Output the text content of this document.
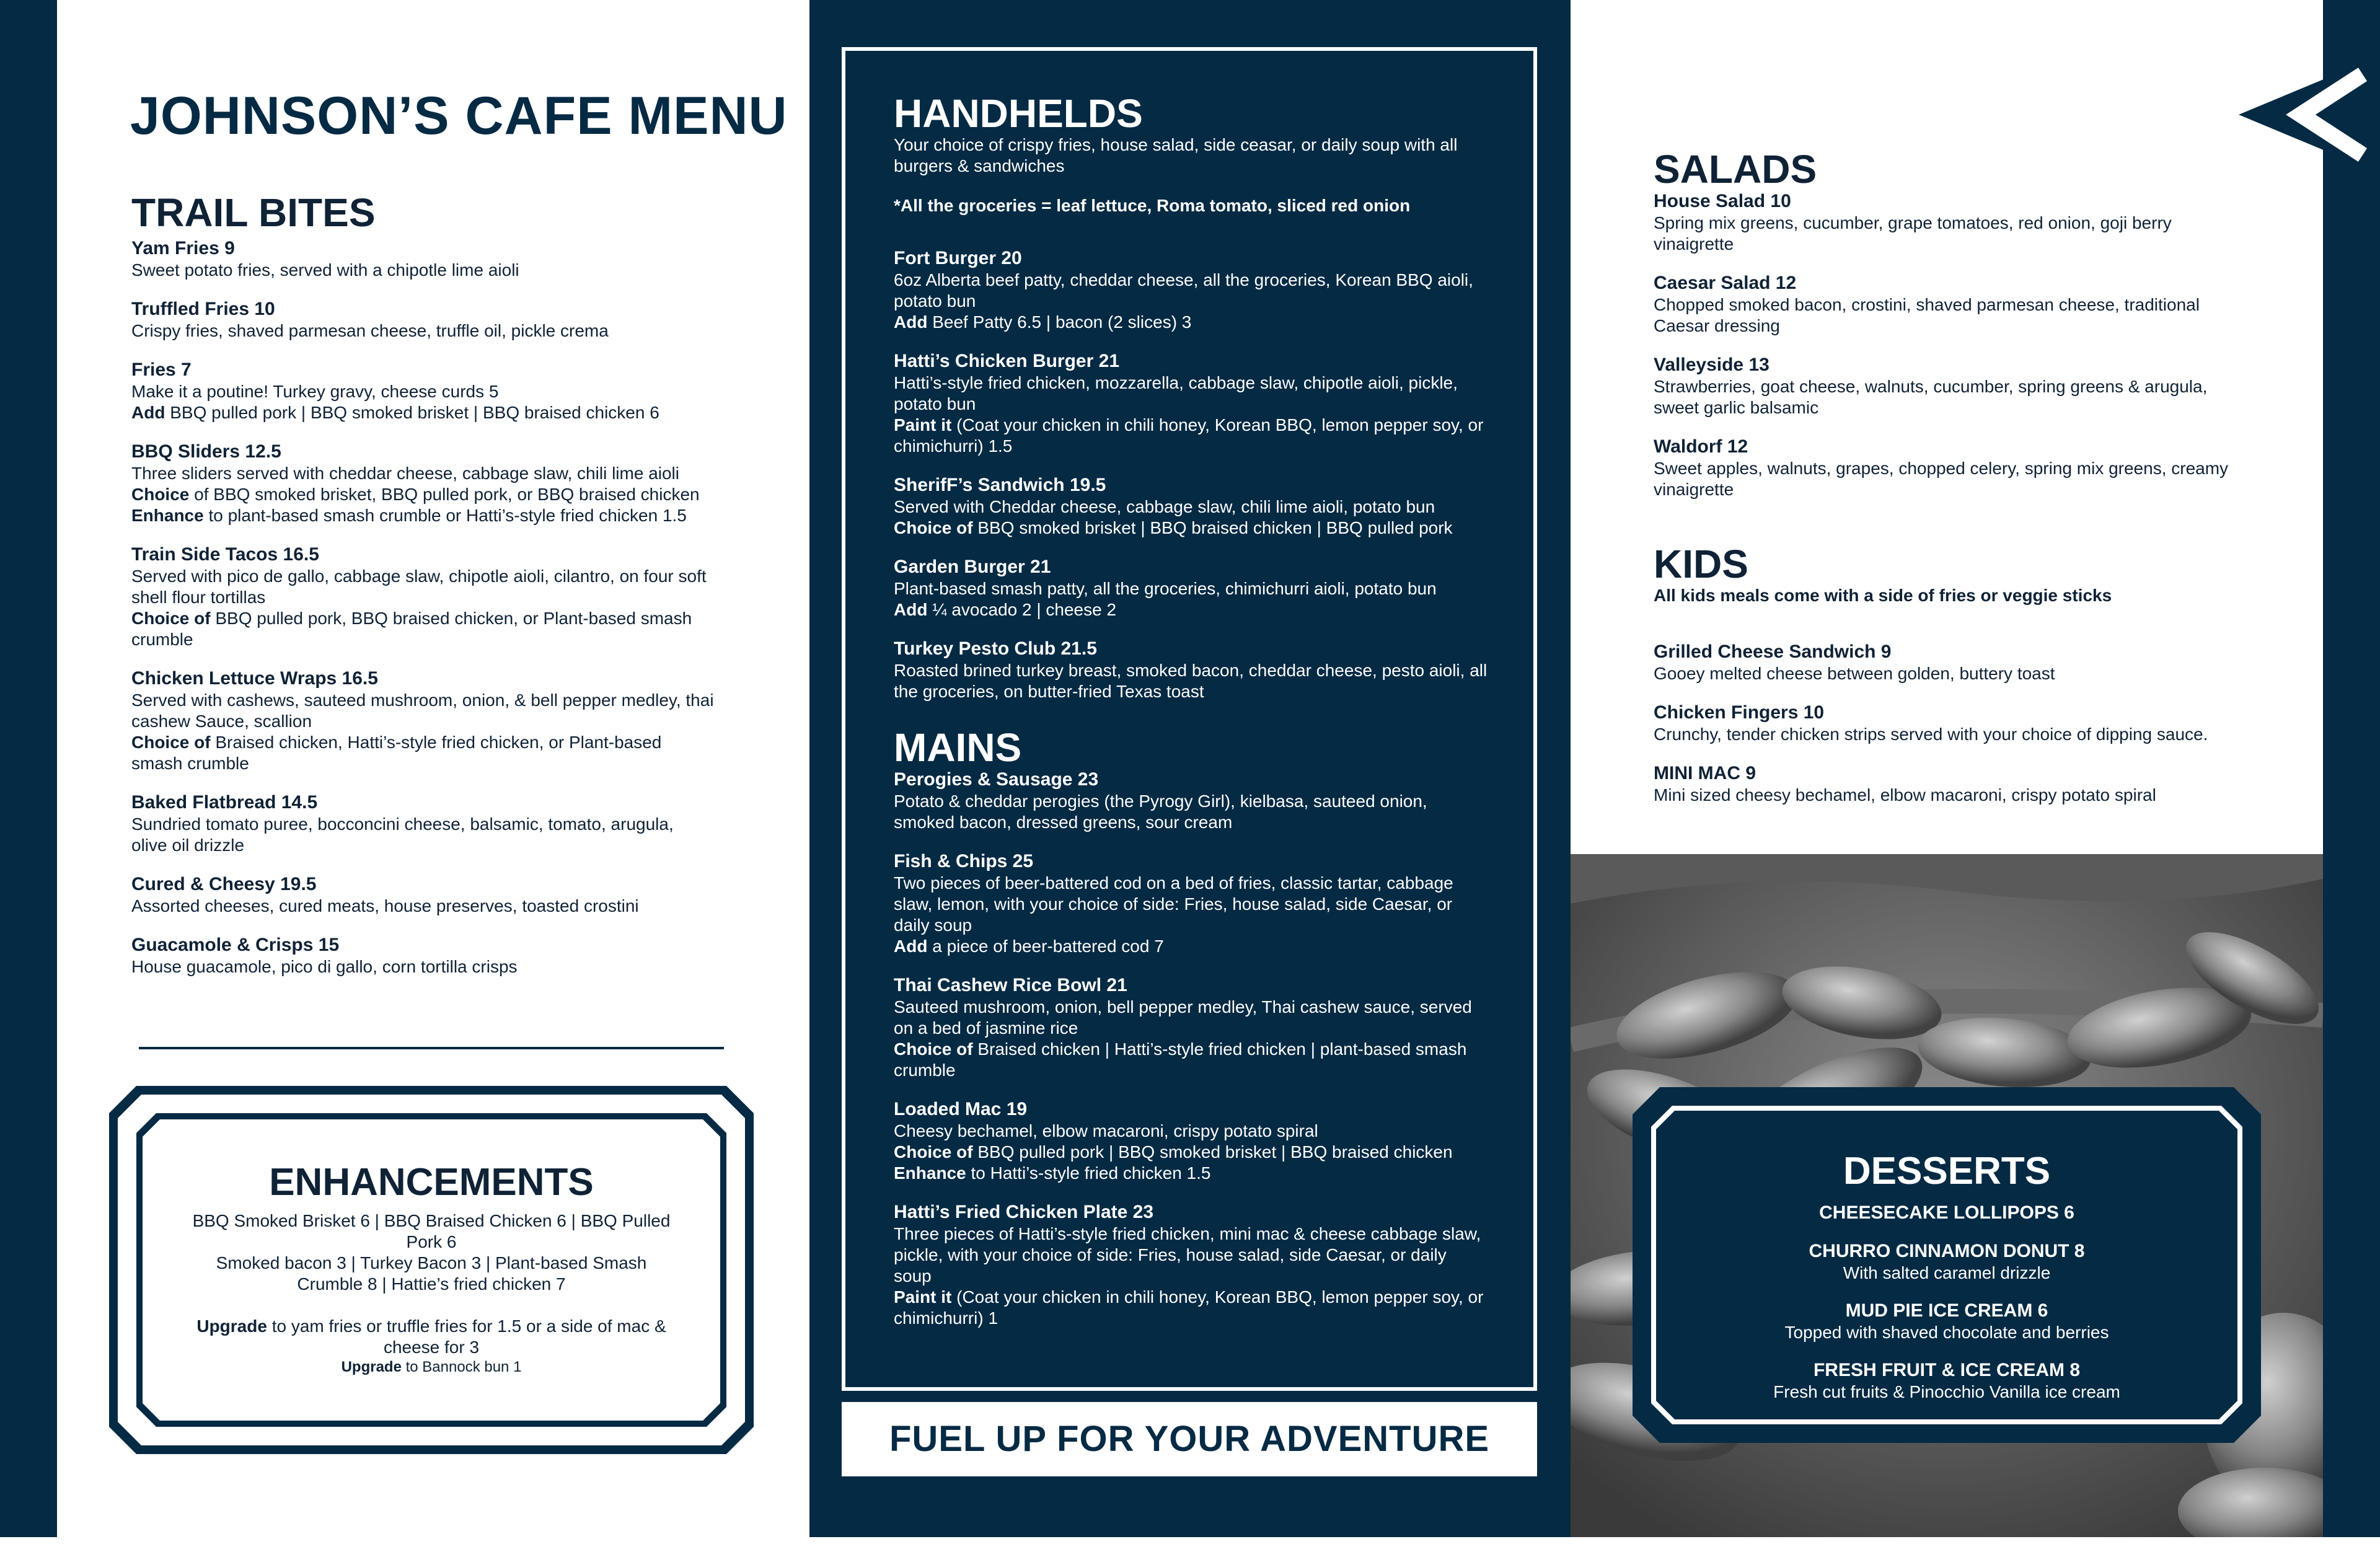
JOHNSON’S CAFE MENU
TRAIL BITES
Yam Fries 9
Sweet potato fries, served with a chipotle lime aioli
Truffled Fries 10
Crispy fries, shaved parmesan cheese, truffle oil, pickle crema
Fries 7
Make it a poutine! Turkey gravy, cheese curds 5
Add BBQ pulled pork | BBQ smoked brisket | BBQ braised chicken 6
BBQ Sliders 12.5
Three sliders served with cheddar cheese, cabbage slaw, chili lime aioli
Choice of BBQ smoked brisket, BBQ pulled pork, or BBQ braised chicken
Enhance to plant-based smash crumble or Hatti’s-style fried chicken 1.5
Train Side Tacos 16.5
Served with pico de gallo, cabbage slaw, chipotle aioli, cilantro, on four soft shell flour tortillas
Choice of BBQ pulled pork, BBQ braised chicken, or Plant-based smash crumble
Chicken Lettuce Wraps 16.5
Served with cashews, sauteed mushroom, onion, & bell pepper medley, thai cashew Sauce, scallion
Choice of Braised chicken, Hatti’s-style fried chicken, or Plant-based smash crumble
Baked Flatbread 14.5
Sundried tomato puree, bocconcini cheese, balsamic, tomato, arugula, olive oil drizzle
Cured & Cheesy 19.5
Assorted cheeses, cured meats, house preserves, toasted crostini
Guacamole & Crisps 15
House guacamole, pico di gallo, corn tortilla crisps
ENHANCEMENTS
BBQ Smoked Brisket 6 | BBQ Braised Chicken 6 | BBQ Pulled Pork 6
Smoked bacon 3 | Turkey Bacon 3 | Plant-based Smash Crumble 8 | Hattie’s fried chicken 7
Upgrade to yam fries or truffle fries for 1.5 or a side of mac & cheese for 3
Upgrade to Bannock bun 1
HANDHELDS

Your choice of crispy fries, house salad, side ceasar, or daily soup with all burgers & sandwiches

*All the groceries = leaf lettuce, Roma tomato, sliced red onion

Fort Burger 20
6oz Alberta beef patty, cheddar cheese, all the groceries, Korean BBQ aioli, potato bun
Add Beef Patty 6.5 | bacon (2 slices) 3
Hatti’s Chicken Burger 21
Hatti’s-style fried chicken, mozzarella, cabbage slaw, chipotle aioli, pickle, potato bun
Paint it (Coat your chicken in chili honey, Korean BBQ, lemon pepper soy, or chimichurri) 1.5
SherifF’s Sandwich 19.5
Served with Cheddar cheese, cabbage slaw, chili lime aioli, potato bun
Choice of BBQ smoked brisket | BBQ braised chicken | BBQ pulled pork
Garden Burger 21
Plant-based smash patty, all the groceries, chimichurri aioli, potato bun
Add ¼ avocado 2 | cheese 2
Turkey Pesto Club 21.5
Roasted brined turkey breast, smoked bacon, cheddar cheese, pesto aioli, all the groceries, on butter-fried Texas toast
MAINS
Perogies & Sausage 23
Potato & cheddar perogies (the Pyrogy Girl), kielbasa, sauteed onion, smoked bacon, dressed greens, sour cream
Fish & Chips 25
Two pieces of beer-battered cod on a bed of fries, classic tartar, cabbage slaw, lemon, with your choice of side: Fries, house salad, side Caesar, or daily soup
Add a piece of beer-battered cod 7
Thai Cashew Rice Bowl 21
Sauteed mushroom, onion, bell pepper medley, Thai cashew sauce, served on a bed of jasmine rice
Choice of Braised chicken | Hatti’s-style fried chicken | plant-based smash crumble
Loaded Mac 19
Cheesy bechamel, elbow macaroni, crispy potato spiral
Choice of BBQ pulled pork | BBQ smoked brisket | BBQ braised chicken
Enhance to Hatti’s-style fried chicken 1.5
Hatti’s Fried Chicken Plate 23
Three pieces of Hatti’s-style fried chicken, mini mac & cheese cabbage slaw, pickle, with your choice of side: Fries, house salad, side Caesar, or daily soup
Paint it (Coat your chicken in chili honey, Korean BBQ, lemon pepper soy, or chimichurri) 1
FUEL UP FOR YOUR ADVENTURE
SALADS
House Salad 10
Spring mix greens, cucumber, grape tomatoes, red onion, goji berry vinaigrette
Caesar Salad 12
Chopped smoked bacon, crostini, shaved parmesan cheese, traditional Caesar dressing
Valleyside 13
Strawberries, goat cheese, walnuts, cucumber, spring greens & arugula, sweet garlic balsamic
Waldorf 12
Sweet apples, walnuts, grapes, chopped celery, spring mix greens, creamy vinaigrette
KIDS

All kids meals come with a side of fries or veggie sticks

Grilled Cheese Sandwich 9
Gooey melted cheese between golden, buttery toast
Chicken Fingers 10
Crunchy, tender chicken strips served with your choice of dipping sauce.
MINI MAC 9
Mini sized cheesy bechamel, elbow macaroni, crispy potato spiral
DESSERTS
CHEESECAKE LOLLIPOPS 6
CHURRO CINNAMON DONUT 8
With salted caramel drizzle
MUD PIE ICE CREAM 6
Topped with shaved chocolate and berries
FRESH FRUIT & ICE CREAM 8
Fresh cut fruits & Pinocchio Vanilla ice cream
